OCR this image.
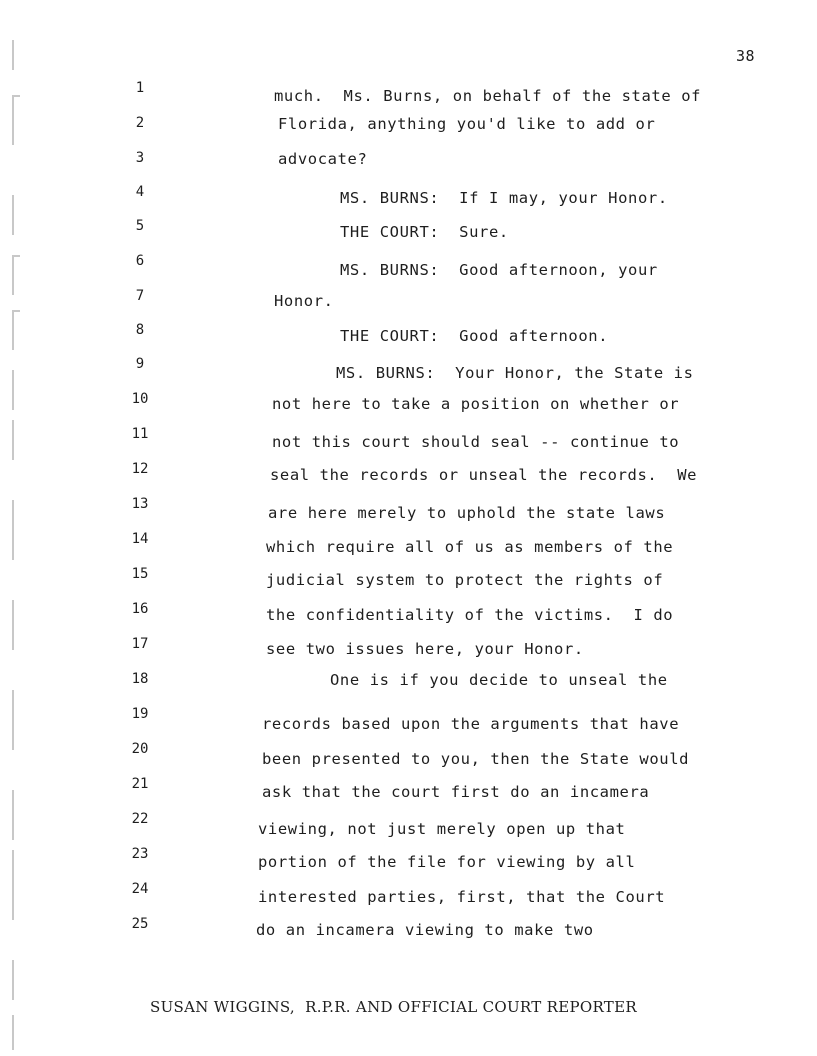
38
1	much.  Ms. Burns, on behalf of the state of
2	Florida, anything you'd like to add or
3	advocate?
4	MS. BURNS:  If I may, your Honor.
5	THE COURT:  Sure.
6	MS. BURNS:  Good afternoon, your
7	Honor.
8	THE COURT:  Good afternoon.
9	MS. BURNS:  Your Honor, the State is
10	not here to take a position on whether or
11	not this court should seal -- continue to
12	seal the records or unseal the records.  We
13	are here merely to uphold the state laws
14	which require all of us as members of the
15	judicial system to protect the rights of
16	the confidentiality of the victims.  I do
17	see two issues here, your Honor.
18	One is if you decide to unseal the
19
records based upon the arguments that have
20
been presented to you, then the State would
21	ask that the court first do an incamera
22
viewing, not just merely open up that
23	portion of the file for viewing by all
24	interested parties, first, that the Court
25	do an incamera viewing to make two
SUSAN WIGGINS,  R.P.R. AND OFFICIAL COURT REPORTER
